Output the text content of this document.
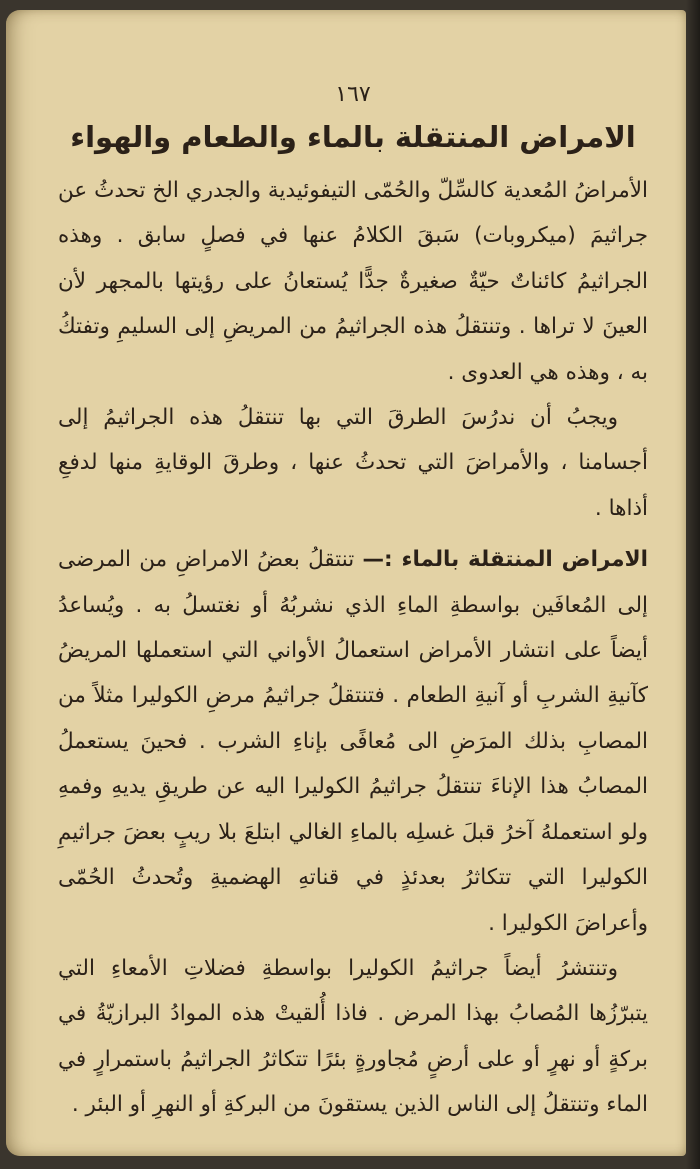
١٦٧
الامراض المنتقلة بالماء والطعام والهواء

الأمراضُ المُعدية كالسِّلّ والحُمّى التيفوئيدية والجدري الخ تحدثُ عن جراثيمَ (ميكروبات) سَبقَ الكلامُ عنها في فصلٍ سابق . وهذه الجراثيمُ كائناتٌ حيّةٌ صغيرةٌ جدًّا يُستعانُ على رؤيتها بالمجهر لأن العينَ لا تراها . وتنتقلُ هذه الجراثيمُ من المريضِ إلى السليمِ وتفتكُ به ، وهذه هي العدوى .

ويجبُ أن ندرُسَ الطرقَ التي بها تنتقلُ هذه الجراثيمُ إلى أجسامنا ، والأمراضَ التي تحدثُ عنها ، وطرقَ الوقايةِ منها لدفعِ أذاها .

الامراض المنتقلة بالماء :— تنتقلُ بعضُ الامراضِ من المرضى إلى المُعافَين بواسطةِ الماءِ الذي نشربُهُ أو نغتسلُ به . ويُساعدُ أيضاً على انتشار الأمراض استعمالُ الأواني التي استعملها المريضُ كآنيةِ الشربِ أو آنيةِ الطعام . فتنتقلُ جراثيمُ مرضِ الكوليرا مثلاً من المصابِ بذلك المرَضِ الى مُعافًى بإناءِ الشرب . فحينَ يستعملُ المصابُ هذا الإناءَ تنتقلُ جراثيمُ الكوليرا اليه عن طريقِ يديهِ وفمهِ ولو استعملهُ آخرُ قبلَ غسلِه بالماءِ الغالي ابتلعَ بلا ريبٍ بعضَ جراثيمِ الكوليرا التي تتكاثرُ بعدئذٍ في قناتهِ الهضميةِ وتُحدثُ الحُمّى وأعراضَ الكوليرا .

وتنتشرُ أيضاً جراثيمُ الكوليرا بواسطةِ فضلاتِ الأمعاءِ التي يتبرّزُها المُصابُ بهذا المرض . فاذا أُلقيتْ هذه الموادُ البرازيّةُ في بركةٍ أو نهرٍ أو على أرضٍ مُجاورةٍ بئرًا تتكاثرُ الجراثيمُ باستمرارٍ في الماء وتنتقلُ إلى الناس الذين يستقونَ من البركةِ أو النهرِ أو البئر .
